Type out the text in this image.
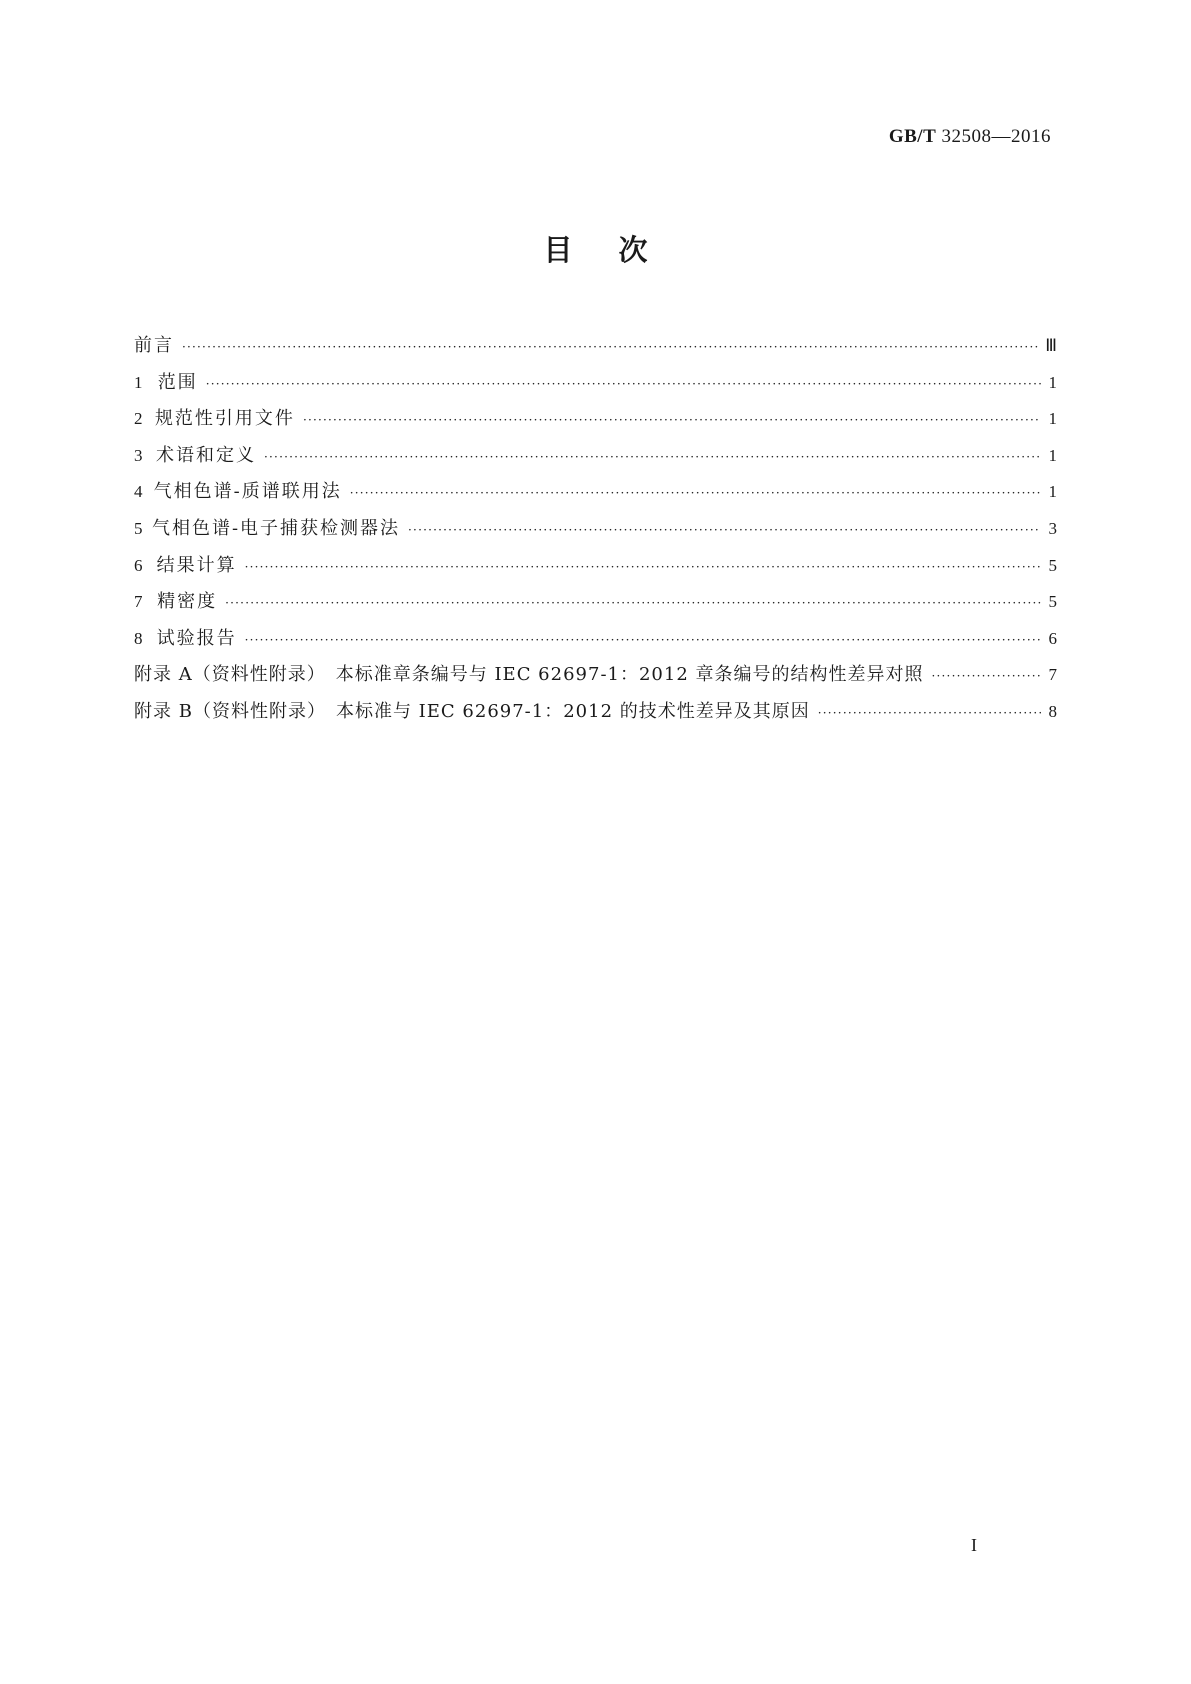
GB/T 32508—2016
目次
前言 ·····	Ⅲ
1 范围 ·····	1
2 规范性引用文件 ·····	1
3 术语和定义 ·····	1
4 气相色谱-质谱联用法 ·····	1
5 气相色谱-电子捕获检测器法 ·····	3
6 结果计算 ·····	5
7 精密度 ·····	5
8 试验报告 ·····	6
附录 A（资料性附录）　本标准章条编号与 IEC 62697-1：2012 章条编号的结构性差异对照 ·····	7
附录 B（资料性附录）　本标准与 IEC 62697-1：2012 的技术性差异及其原因 ·····	8
I
